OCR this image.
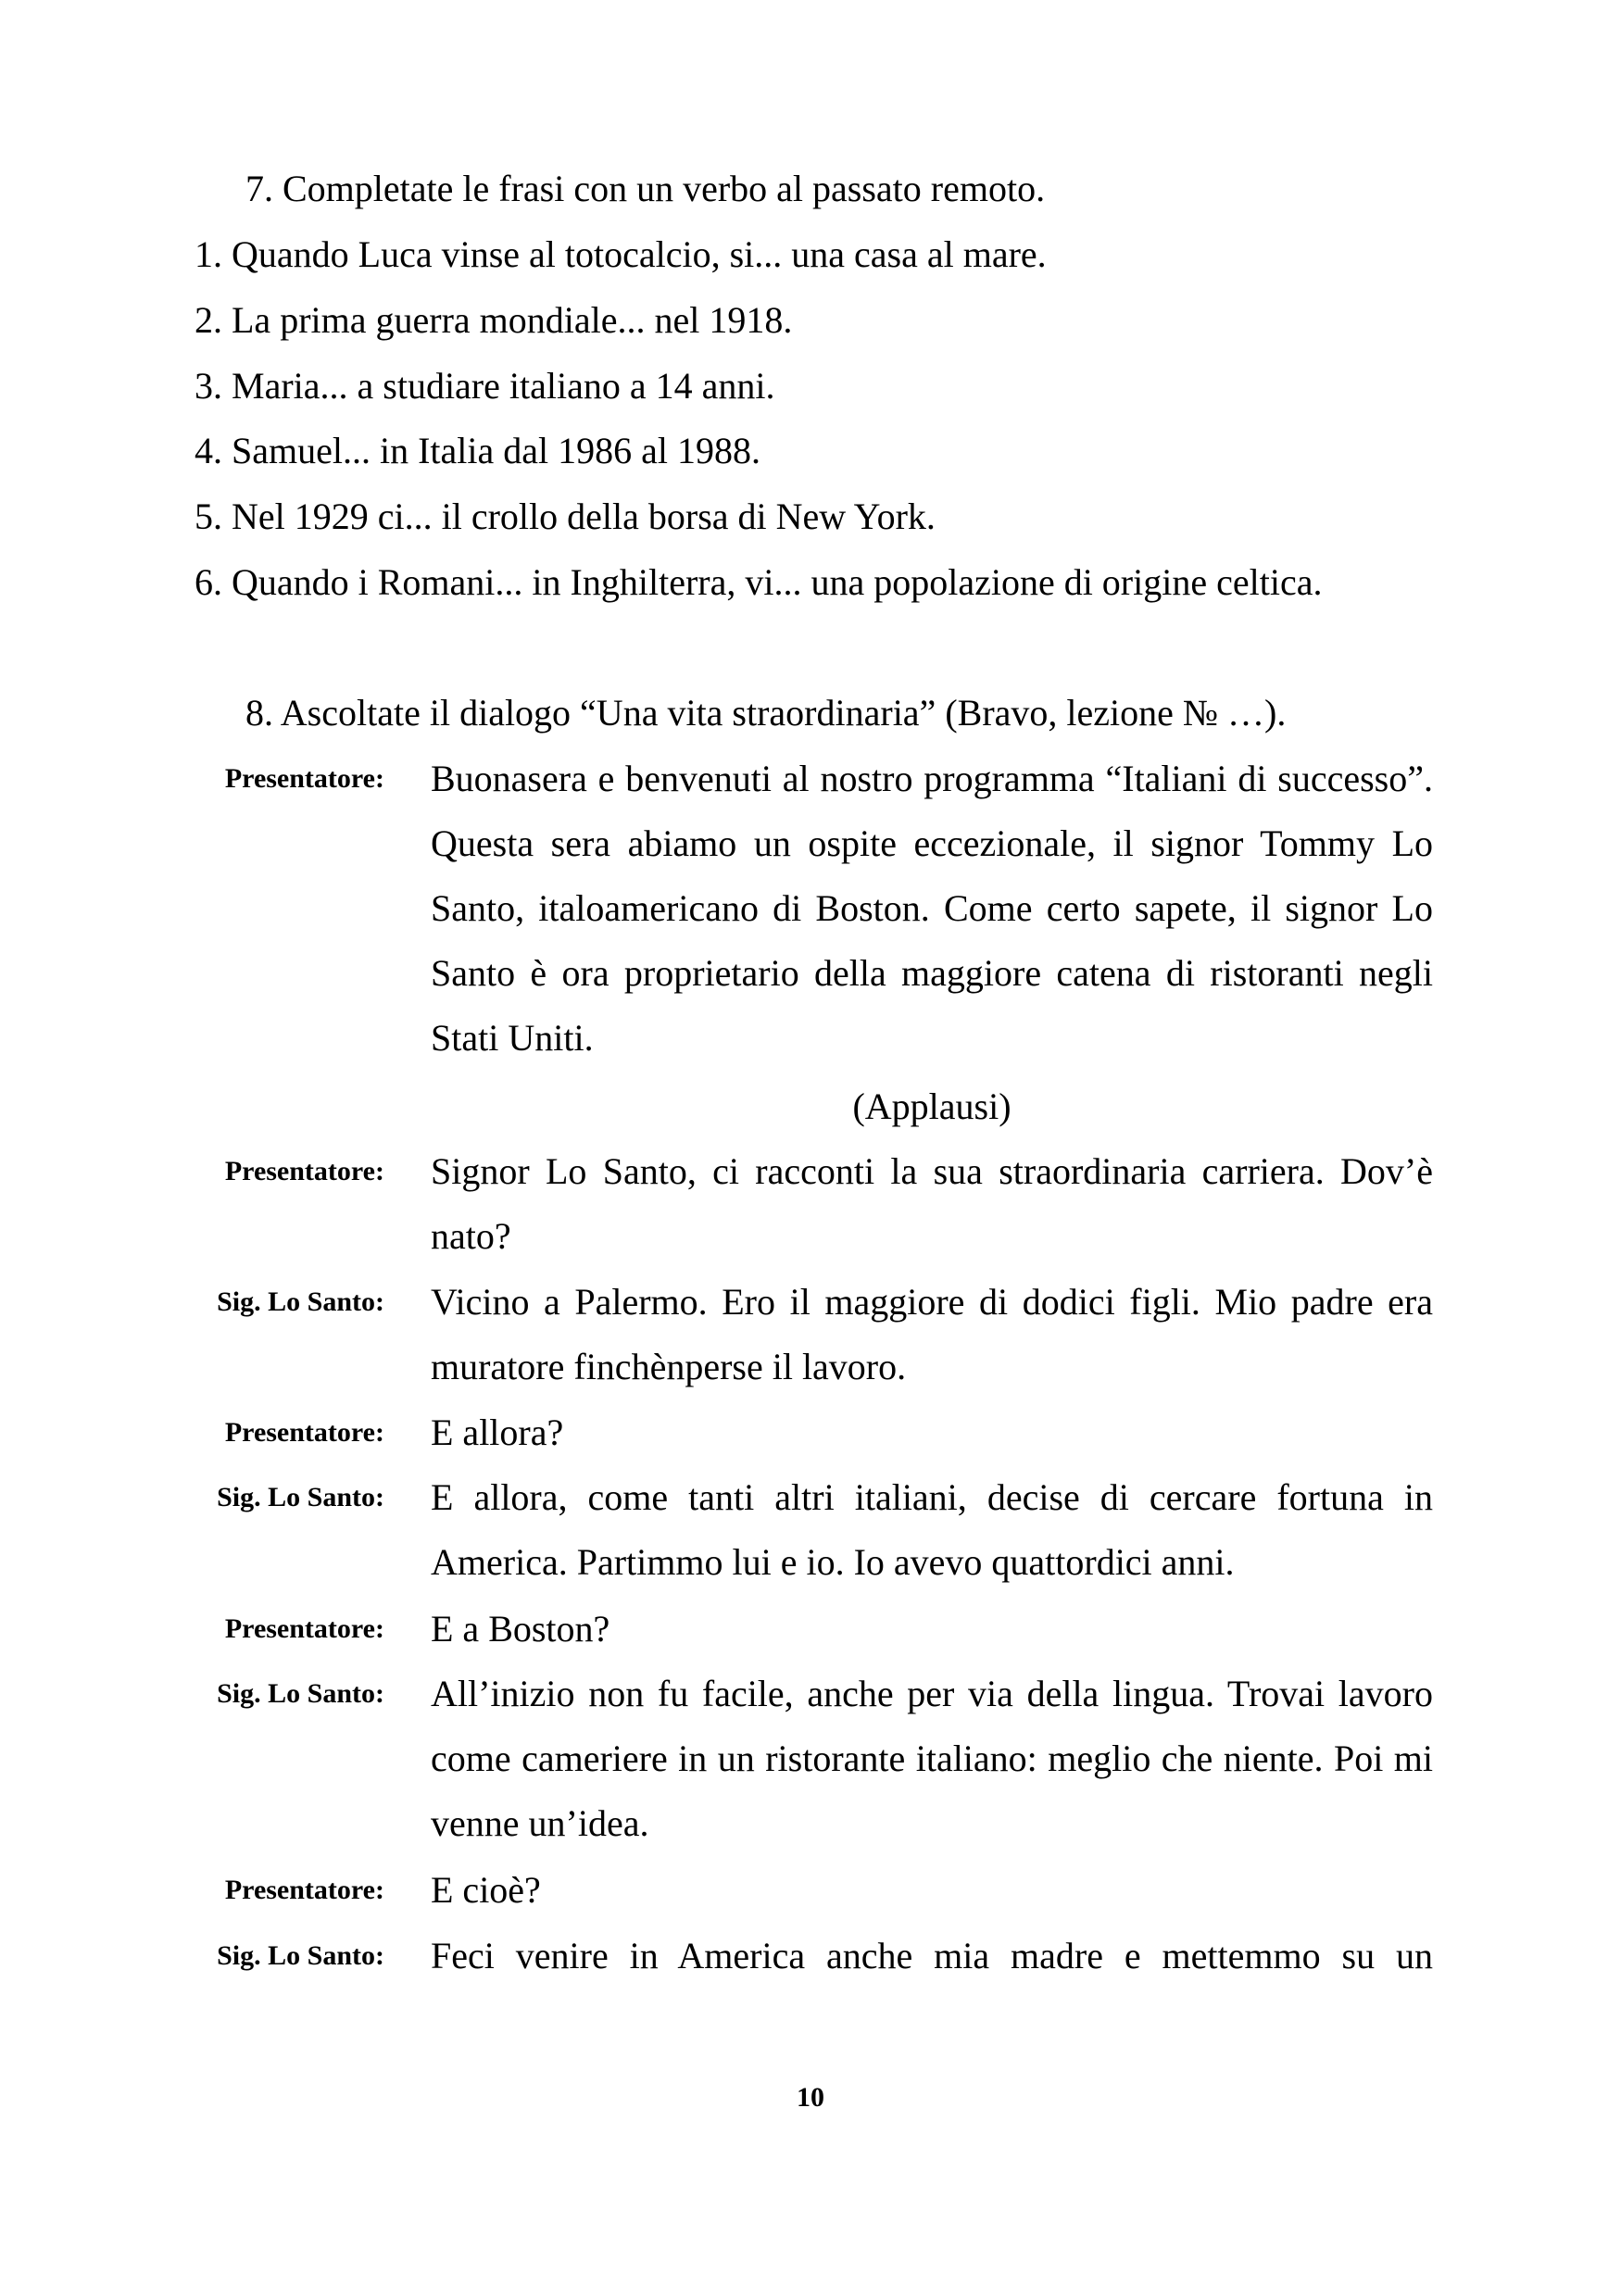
7. Completate le frasi con un verbo al passato remoto.
1. Quando Luca vinse al totocalcio, si... una casa al mare.
2. La prima guerra mondiale... nel 1918.
3. Maria... a studiare italiano a 14 anni.
4. Samuel... in Italia dal 1986 al 1988.
5. Nel 1929 ci... il crollo della borsa di New York.
6. Quando i Romani... in Inghilterra, vi... una popolazione di origine celtica.
8. Ascoltate il dialogo “Una vita straordinaria” (Bravo, lezione № …).
Presentatore: Buonasera e benvenuti al nostro programma “Italiani di successo”. Questa sera abiamo un ospite eccezionale, il signor Tommy Lo Santo, italoamericano di Boston. Come certo sapete, il signor Lo Santo è ora proprietario della maggiore catena di ristoranti negli Stati Uniti.
(Applausi)
Presentatore: Signor Lo Santo, ci racconti la sua straordinaria carriera. Dov’è nato?
Sig. Lo Santo: Vicino a Palermo. Ero il maggiore di dodici figli. Mio padre era muratore finchènperse il lavoro.
Presentatore: E allora?
Sig. Lo Santo: E allora, come tanti altri italiani, decise di cercare fortuna in America. Partimmo lui e io. Io avevo quattordici anni.
Presentatore: E a Boston?
Sig. Lo Santo: All’inizio non fu facile, anche per via della lingua. Trovai lavoro come cameriere in un ristorante italiano: meglio che niente. Poi mi venne un’idea.
Presentatore: E cioè?
Sig. Lo Santo: Feci venire in America anche mia madre e mettemmo su un
10
